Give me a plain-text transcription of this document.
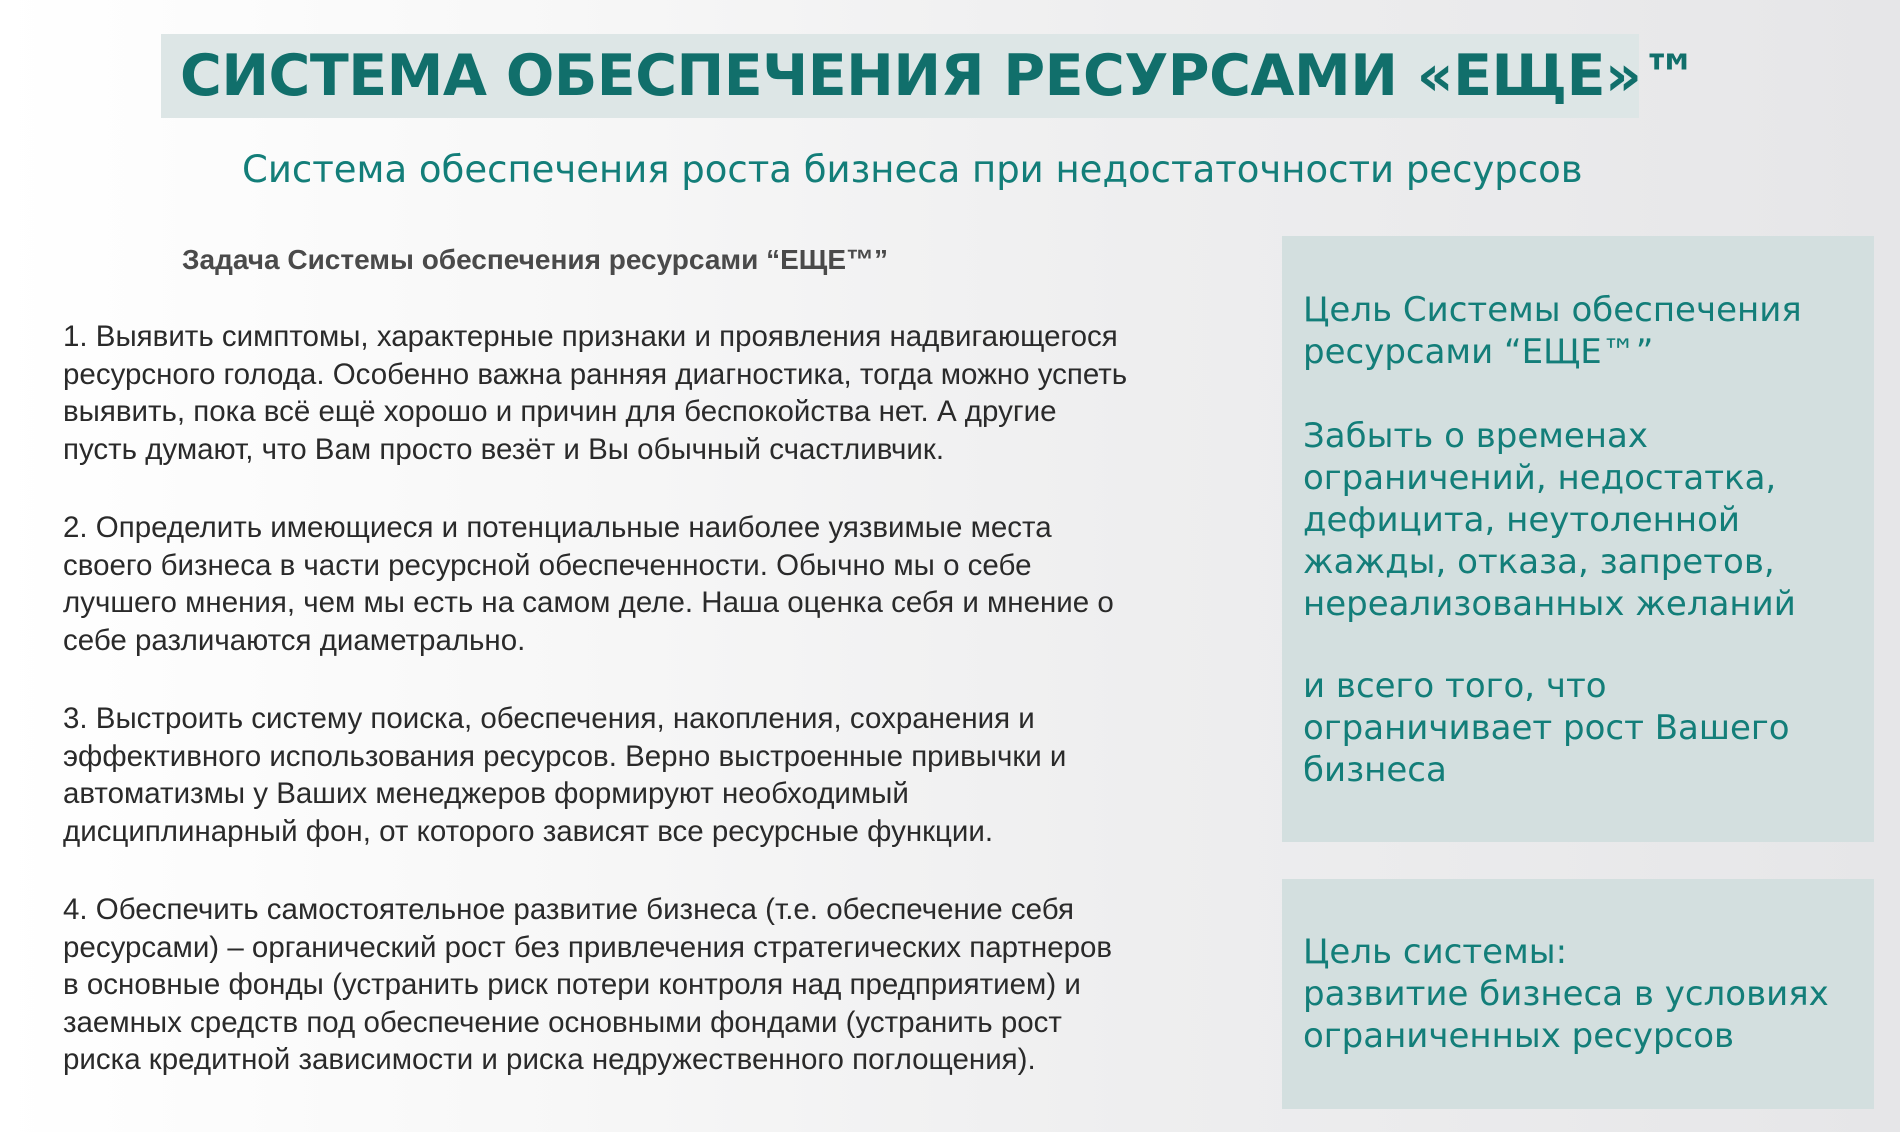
СИСТЕМА ОБЕСПЕЧЕНИЯ РЕСУРСАМИ «ЕЩЕ»™
Система обеспечения роста бизнеса при недостаточности ресурсов
Задача Системы обеспечения ресурсами “ЕЩЕ™”
1. Выявить симптомы, характерные признаки и проявления надвигающегося
ресурсного голода. Особенно важна ранняя диагностика, тогда можно успеть
выявить, пока всё ещё хорошо и причин для беспокойства нет. А другие
пусть думают, что Вам просто везёт и Вы обычный счастливчик.
2. Определить имеющиеся и потенциальные наиболее уязвимые места
своего бизнеса в части ресурсной обеспеченности. Обычно мы о себе
лучшего мнения, чем мы есть на самом деле. Наша оценка себя и мнение о
себе различаются диаметрально.
3. Выстроить систему поиска, обеспечения, накопления, сохранения и
эффективного использования ресурсов. Верно выстроенные привычки и
автоматизмы у Ваших менеджеров формируют необходимый
дисциплинарный фон, от которого зависят все ресурсные функции.
4. Обеспечить самостоятельное развитие бизнеса (т.е. обеспечение себя
ресурсами) – органический рост без привлечения стратегических партнеров
в основные фонды (устранить риск потери контроля над предприятием) и
заемных средств под обеспечение основными фондами (устранить рост
риска кредитной зависимости и риска недружественного поглощения).

Цель Системы обеспечения
ресурсами “ЕЩЕ™”

Забыть о временах
ограничений, недостатка,
дефицита, неутоленной
жажды, отказа, запретов,
нереализованных желаний

и всего того, что
ограничивает рост Вашего
бизнеса

Цель системы:
развитие бизнеса в условиях
ограниченных ресурсов
